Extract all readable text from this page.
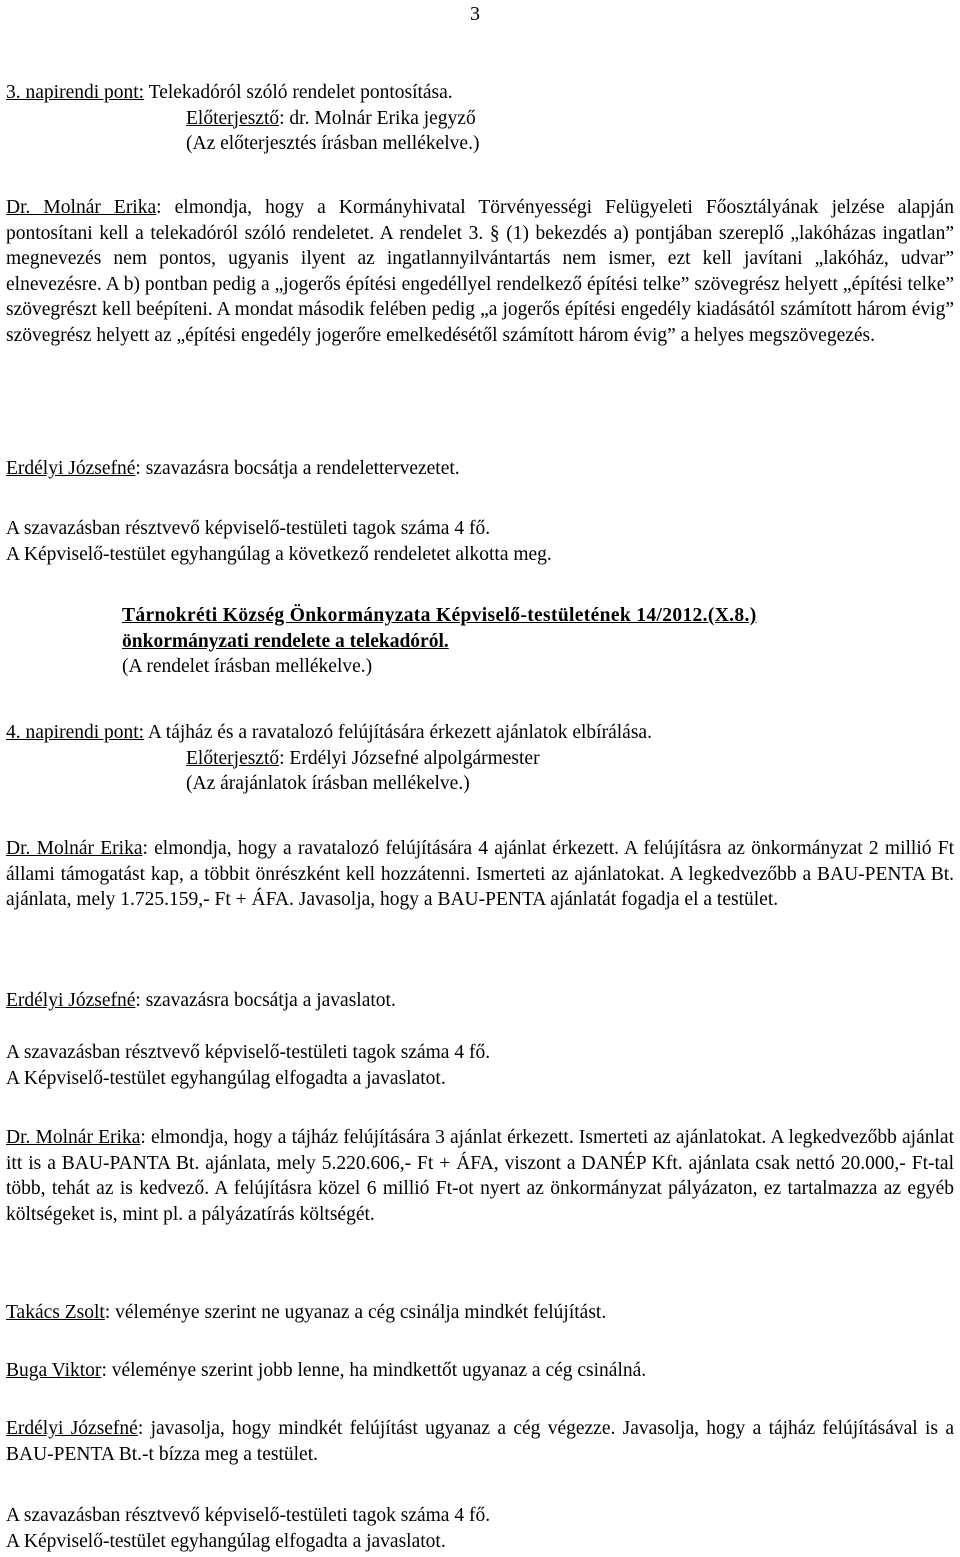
3
3. napirendi pont: Telekadóról szóló rendelet pontosítása.
Előterjesztő: dr. Molnár Erika jegyző
(Az előterjesztés írásban mellékelve.)
Dr. Molnár Erika: elmondja, hogy a Kormányhivatal Törvényességi Felügyeleti Főosztályának jelzése alapján pontosítani kell a telekadóról szóló rendeletet. A rendelet 3. § (1) bekezdés a) pontjában szereplő „lakóházas ingatlan” megnevezés nem pontos, ugyanis ilyent az ingatlannyilvántartás nem ismer, ezt kell javítani „lakóház, udvar” elnevezésre. A b) pontban pedig a „jogerős építési engedéllyel rendelkező építési telke” szövegrész helyett „építési telke” szövegrészt kell beépíteni. A mondat második felében pedig „a jogerős építési engedély kiadásától számított három évig” szövegrész helyett az „építési engedély jogerőre emelkedésétől számított három évig” a helyes megszövegezés.
Erdélyi Józsefné: szavazásra bocsátja a rendelettervezetet.
A szavazásban résztvevő képviselő-testületi tagok száma 4 fő.
A Képviselő-testület egyhangúlag a következő rendeletet alkotta meg.
Tárnokréti Község Önkormányzata Képviselő-testületének 14/2012.(X.8.)
önkormányzati rendelete a telekadóról.
(A rendelet írásban mellékelve.)
4. napirendi pont: A tájház és a ravatalozó felújítására érkezett ajánlatok elbírálása.
Előterjesztő: Erdélyi Józsefné alpolgármester
(Az árajánlatok írásban mellékelve.)
Dr. Molnár Erika: elmondja, hogy a ravatalozó felújítására 4 ajánlat érkezett. A felújításra az önkormányzat 2 millió Ft állami támogatást kap, a többit önrészként kell hozzátenni. Ismerteti az ajánlatokat. A legkedvezőbb a BAU-PENTA Bt. ajánlata, mely 1.725.159,- Ft + ÁFA. Javasolja, hogy a BAU-PENTA ajánlatát fogadja el a testület.
Erdélyi Józsefné: szavazásra bocsátja a javaslatot.
A szavazásban résztvevő képviselő-testületi tagok száma 4 fő.
A Képviselő-testület egyhangúlag elfogadta a javaslatot.
Dr. Molnár Erika: elmondja, hogy a tájház felújítására 3 ajánlat érkezett. Ismerteti az ajánlatokat. A legkedvezőbb ajánlat itt is a BAU-PANTA Bt. ajánlata, mely 5.220.606,- Ft + ÁFA, viszont a DANÉP Kft. ajánlata csak nettó 20.000,- Ft-tal több, tehát az is kedvező. A felújításra közel 6 millió Ft-ot nyert az önkormányzat pályázaton, ez tartalmazza az egyéb költségeket is, mint pl. a pályázatírás költségét.
Takács Zsolt: véleménye szerint ne ugyanaz a cég csinálja mindkét felújítást.
Buga Viktor: véleménye szerint jobb lenne, ha mindkettőt ugyanaz a cég csinálná.
Erdélyi Józsefné: javasolja, hogy mindkét felújítást ugyanaz a cég végezze. Javasolja, hogy a tájház felújításával is a BAU-PENTA Bt.-t bízza meg a testület.
A szavazásban résztvevő képviselő-testületi tagok száma 4 fő.
A Képviselő-testület egyhangúlag elfogadta a javaslatot.
